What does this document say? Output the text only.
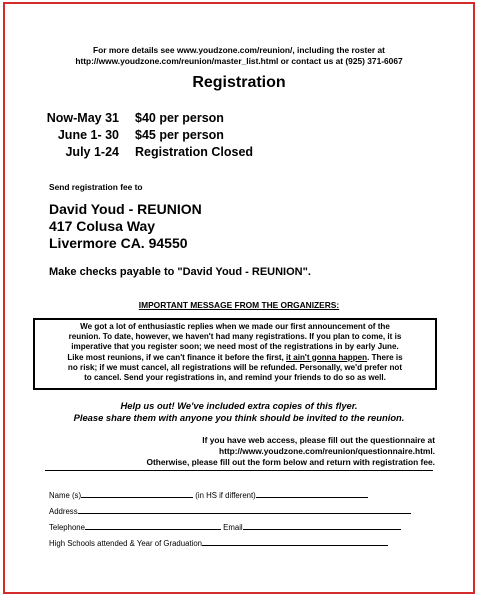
For more details see www.youdzone.com/reunion/, including the roster at
http://www.youdzone.com/reunion/master_list.html or contact us at (925) 371-6067
Registration
Now-May 31 $40 per person
June 1- 30 $45 per person
July 1-24 Registration Closed
Send registration fee to
David Youd - REUNION
417 Colusa Way
Livermore CA. 94550
Make checks payable to "David Youd - REUNION".
IMPORTANT MESSAGE FROM THE ORGANIZERS:
We got a lot of enthusiastic replies when we made our first announcement of the
reunion. To date, however, we haven't had many registrations. If you plan to come, it is
imperative that you register soon; we need most of the registrations in by early June.
Like most reunions, if we can't finance it before the first, it ain't gonna happen. There is
no risk; if we must cancel, all registrations will be refunded. Personally, we'd prefer not
to cancel. Send your registrations in, and remind your friends to do so as well.
Help us out! We've included extra copies of this flyer.
Please share them with anyone you think should be invited to the reunion.
If you have web access, please fill out the questionnaire at
http://www.youdzone.com/reunion/questionnaire.html.
Otherwise, please fill out the form below and return with registration fee.
Name (s)	(in HS if different)
Address
Telephone	Email
High Schools attended & Year of Graduation
